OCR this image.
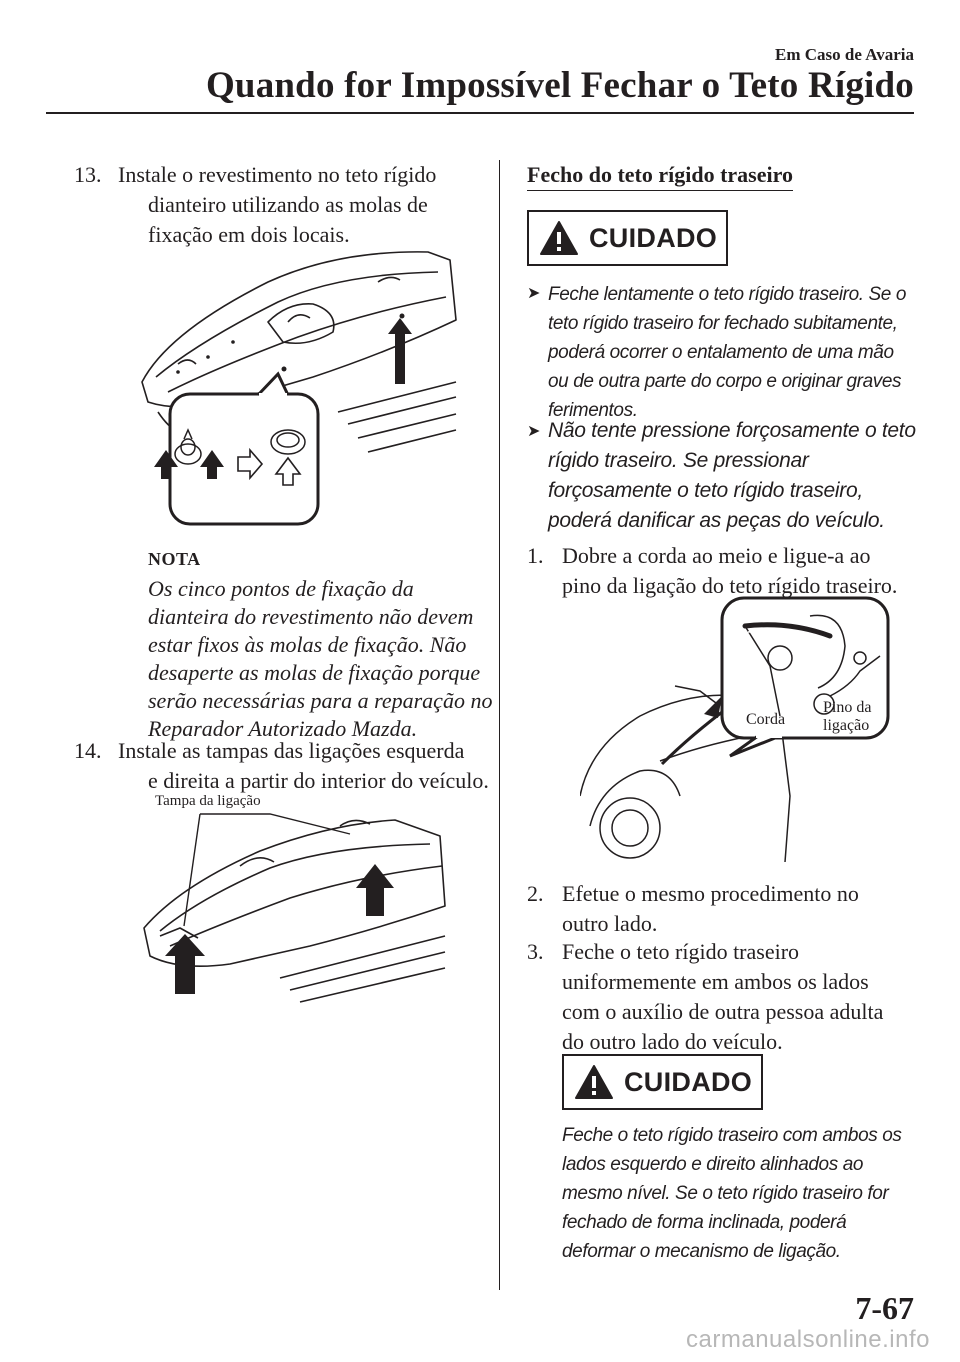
Em Caso de Avaria
Quando for Impossível Fechar o Teto Rígido
13. Instale o revestimento no teto rígido
dianteiro utilizando as molas de
fixação em dois locais.
NOTA
Os cinco pontos de fixação da
dianteira do revestimento não devem
estar fixos às molas de fixação. Não
desaperte as molas de fixação porque
serão necessárias para a reparação no
Reparador Autorizado Mazda.
14. Instale as tampas das ligações esquerda
e direita a partir do interior do veículo.
Tampa da ligação
Fecho do teto rígido traseiro
CUIDADO
➤ Feche lentamente o teto rígido traseiro. Se o
teto rígido traseiro for fechado subitamente,
poderá ocorrer o entalamento de uma mão
ou de outra parte do corpo e originar graves
ferimentos.
➤ Não tente pressione forçosamente o teto
rígido traseiro. Se pressionar
forçosamente o teto rígido traseiro,
poderá danificar as peças do veículo.
1. Dobre a corda ao meio e ligue-a ao
pino da ligação do teto rígido traseiro.
Corda
Pino da
ligação
2. Efetue o mesmo procedimento no
outro lado.
3. Feche o teto rígido traseiro
uniformemente em ambos os lados
com o auxílio de outra pessoa adulta
do outro lado do veículo.
CUIDADO
Feche o teto rígido traseiro com ambos os
lados esquerdo e direito alinhados ao
mesmo nível. Se o teto rígido traseiro for
fechado de forma inclinada, poderá
deformar o mecanismo de ligação.
7-67
carmanualsonline.info
